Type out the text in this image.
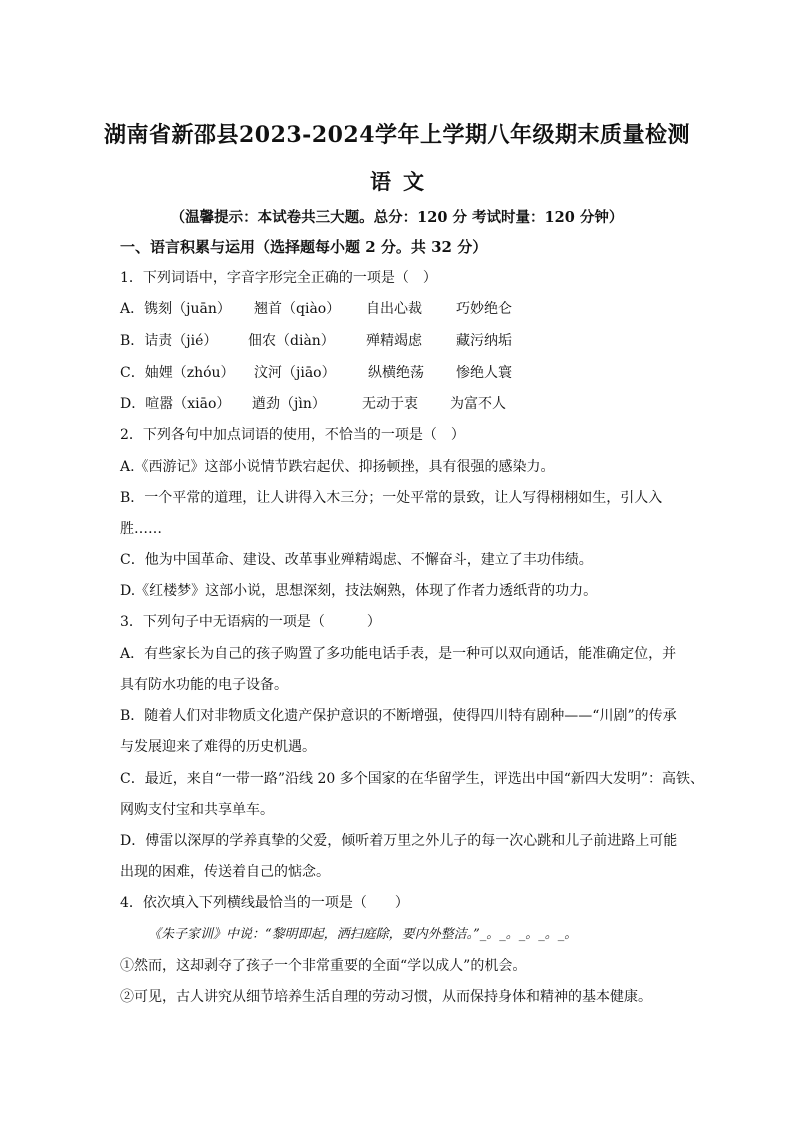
湖南省新邵县2023-2024学年上学期八年级期末质量检测
语 文
（温馨提示：本试卷共三大题。总分：120 分 考试时量：120 分钟）
一、语言积累与运用（选择题每小题 2 分。共 32 分）
1．下列词语中，字音字形完全正确的一项是（　）
A．镌刻（juān） 翘首（qiào） 自出心裁 巧妙绝仑
B．诘责（jié） 佃农（diàn） 殚精竭虑 藏污纳垢
C．妯娌（zhóu） 汶河（jiāo） 纵横绝荡 惨绝人寰
D．喧嚣（xiāo） 遒劲（jìn）	无动于衷 为富不人
2．下列各句中加点词语的使用，不恰当的一项是（　）
A.《西游记》这部小说情节跌宕起伏、抑扬顿挫，具有很强的感染力。
B．一个平常的道理，让人讲得入木三分；一处平常的景致，让人写得栩栩如生，引人入
胜……
C．他为中国革命、建设、改革事业殚精竭虑、不懈奋斗，建立了丰功伟绩。
D.《红楼梦》这部小说，思想深刻，技法娴熟，体现了作者力透纸背的功力。
3．下列句子中无语病的一项是（　　　）
A．有些家长为自己的孩子购置了多功能电话手表，是一种可以双向通话，能准确定位，并
具有防水功能的电子设备。
B．随着人们对非物质文化遗产保护意识的不断增强，使得四川特有剧种——“川剧”的传承
与发展迎来了难得的历史机遇。
C．最近，来自“一带一路”沿线 20 多个国家的在华留学生，评选出中国“新四大发明”：高铁、
网购支付宝和共享单车。
D．傅雷以深厚的学养真挚的父爱，倾听着万里之外儿子的每一次心跳和儿子前进路上可能
出现的困难，传送着自己的惦念。
4．依次填入下列横线最恰当的一项是（　　）
《朱子家训》中说：“黎明即起，洒扫庭除，要内外整洁。”_。_。_。_。_。
①然而，这却剥夺了孩子一个非常重要的全面“学以成人”的机会。
②可见，古人讲究从细节培养生活自理的劳动习惯，从而保持身体和精神的基本健康。
